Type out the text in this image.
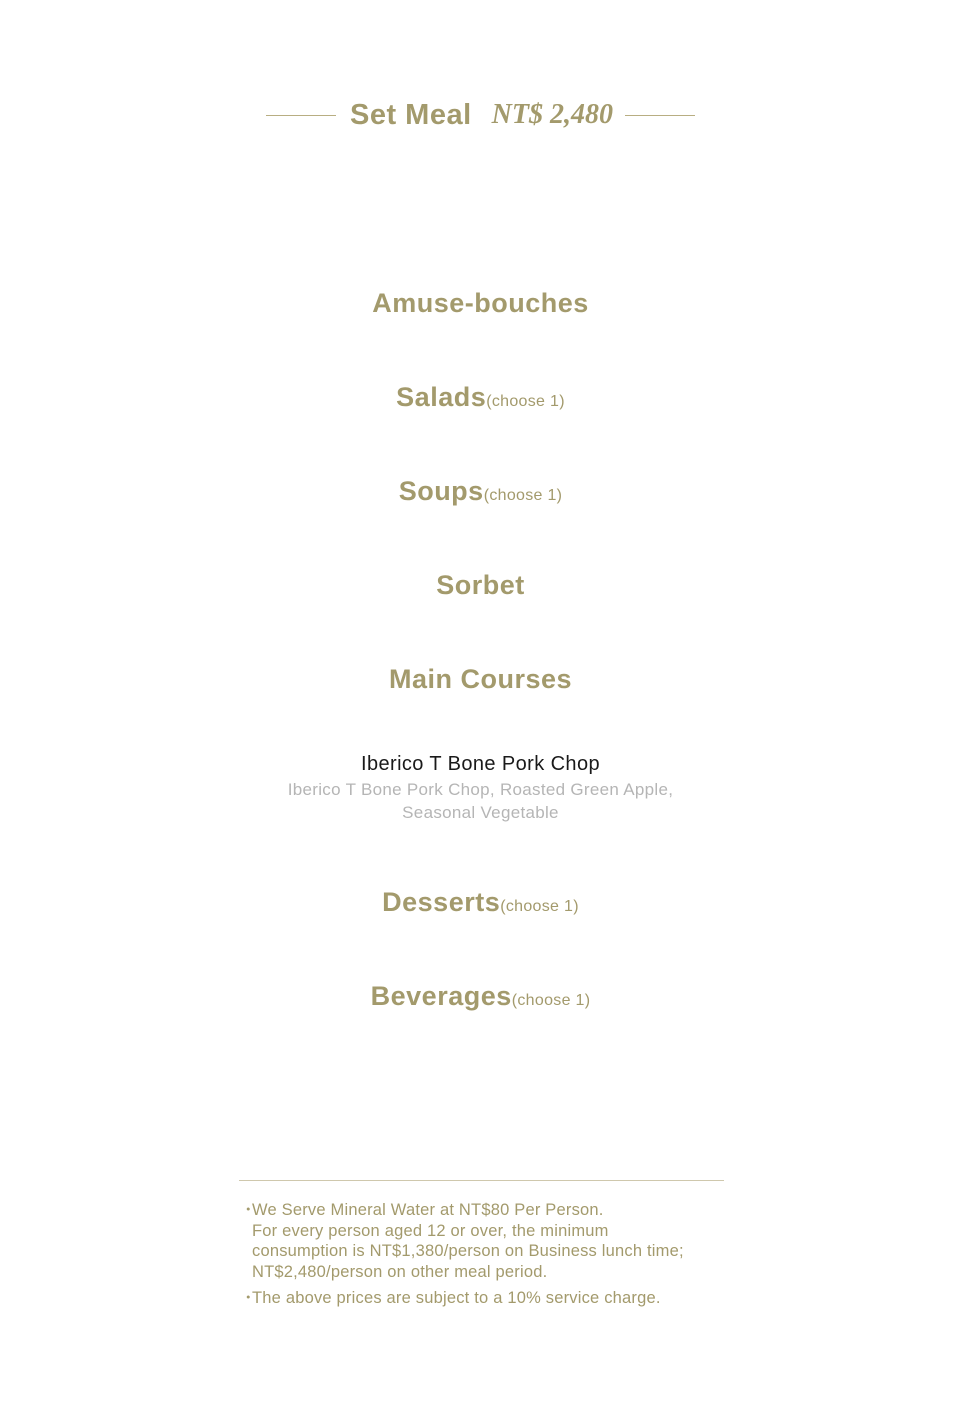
Set Meal NT$ 2,480
Amuse-bouches
Salads(choose 1)
Soups(choose 1)
Sorbet
Main Courses
Iberico T Bone Pork Chop
Iberico T Bone Pork Chop, Roasted Green Apple,
Seasonal Vegetable
Desserts(choose 1)
Beverages(choose 1)
・
We Serve Mineral Water at NT$80 Per Person.
For every person aged 12 or over, the minimum
consumption is NT$1,380/person on Business lunch time;
NT$2,480/person on other meal period.
・
The above prices are subject to a 10% service charge.
